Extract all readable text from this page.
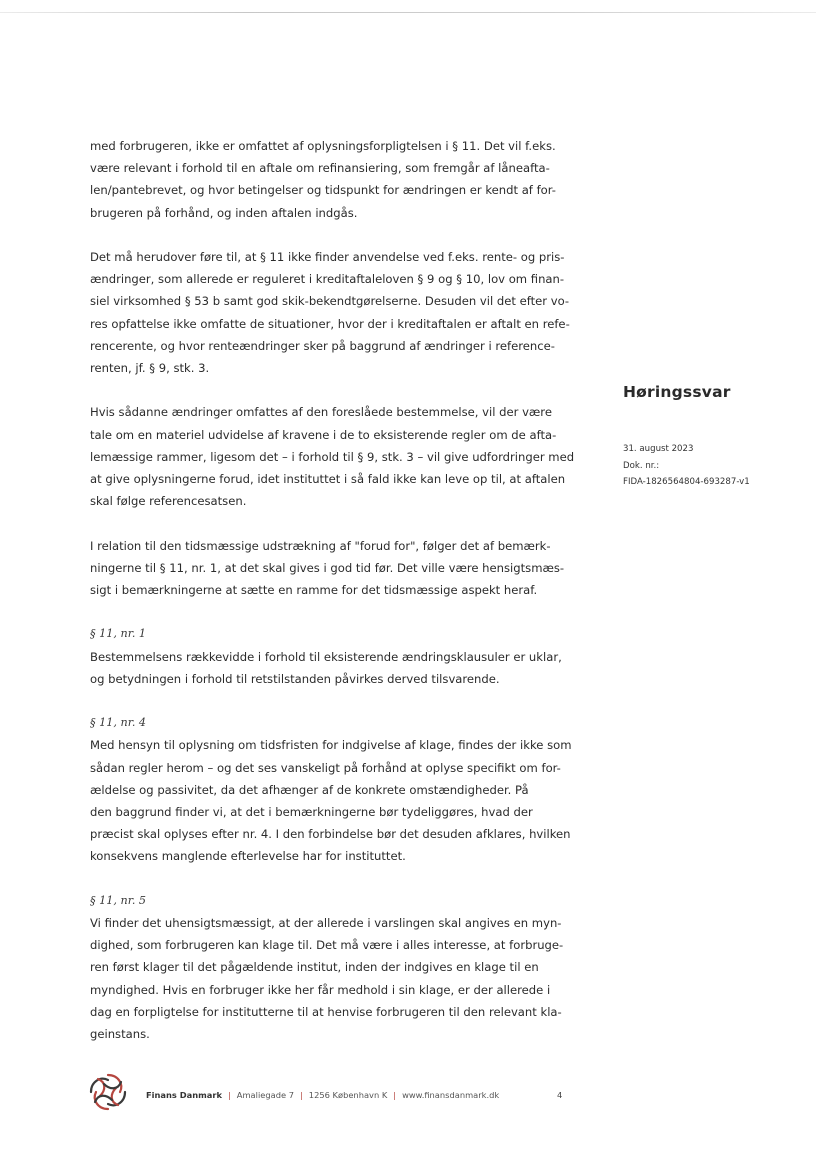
med forbrugeren, ikke er omfattet af oplysningsforpligtelsen i § 11. Det vil f.eks.
være relevant i forhold til en aftale om refinansiering, som fremgår af låneafta-
len/pantebrevet, og hvor betingelser og tidspunkt for ændringen er kendt af for-
brugeren på forhånd, og inden aftalen indgås.

Det må herudover føre til, at § 11 ikke finder anvendelse ved f.eks. rente- og pris-
ændringer, som allerede er reguleret i kreditaftaleloven § 9 og § 10, lov om finan-
siel virksomhed § 53 b samt god skik-bekendtgørelserne. Desuden vil det efter vo-
res opfattelse ikke omfatte de situationer, hvor der i kreditaftalen er aftalt en refe-
rencerente, og hvor renteændringer sker på baggrund af ændringer i reference-
renten, jf. § 9, stk. 3.

Hvis sådanne ændringer omfattes af den foreslåede bestemmelse, vil der være
tale om en materiel udvidelse af kravene i de to eksisterende regler om de afta-
lemæssige rammer, ligesom det – i forhold til § 9, stk. 3 – vil give udfordringer med
at give oplysningerne forud, idet instituttet i så fald ikke kan leve op til, at aftalen
skal følge referencesatsen.

I relation til den tidsmæssige udstrækning af "forud for", følger det af bemærk-
ningerne til § 11, nr. 1, at det skal gives i god tid før. Det ville være hensigtsmæs-
sigt i bemærkningerne at sætte en ramme for det tidsmæssige aspekt heraf.

§ 11, nr. 1
Bestemmelsens rækkevidde i forhold til eksisterende ændringsklausuler er uklar,
og betydningen i forhold til retstilstanden påvirkes derved tilsvarende.

§ 11, nr. 4
Med hensyn til oplysning om tidsfristen for indgivelse af klage, findes der ikke som
sådan regler herom – og det ses vanskeligt på forhånd at oplyse specifikt om for-
ældelse og passivitet, da det afhænger af de konkrete omstændigheder. På
den baggrund finder vi, at det i bemærkningerne bør tydeliggøres, hvad der
præcist skal oplyses efter nr. 4. I den forbindelse bør det desuden afklares, hvilken
konsekvens manglende efterlevelse har for instituttet.

§ 11, nr. 5
Vi finder det uhensigtsmæssigt, at der allerede i varslingen skal angives en myn-
dighed, som forbrugeren kan klage til. Det må være i alles interesse, at forbruge-
ren først klager til det pågældende institut, inden der indgives en klage til en
myndighed. Hvis en forbruger ikke her får medhold i sin klage, er der allerede i
dag en forpligtelse for institutterne til at henvise forbrugeren til den relevant kla-
geinstans.

Høringssvar
31. august 2023
Dok. nr.:
FIDA-1826564804-693287-v1
Finans Danmark | Amaliegade 7 | 1256 København K | www.finansdanmark.dk	4
